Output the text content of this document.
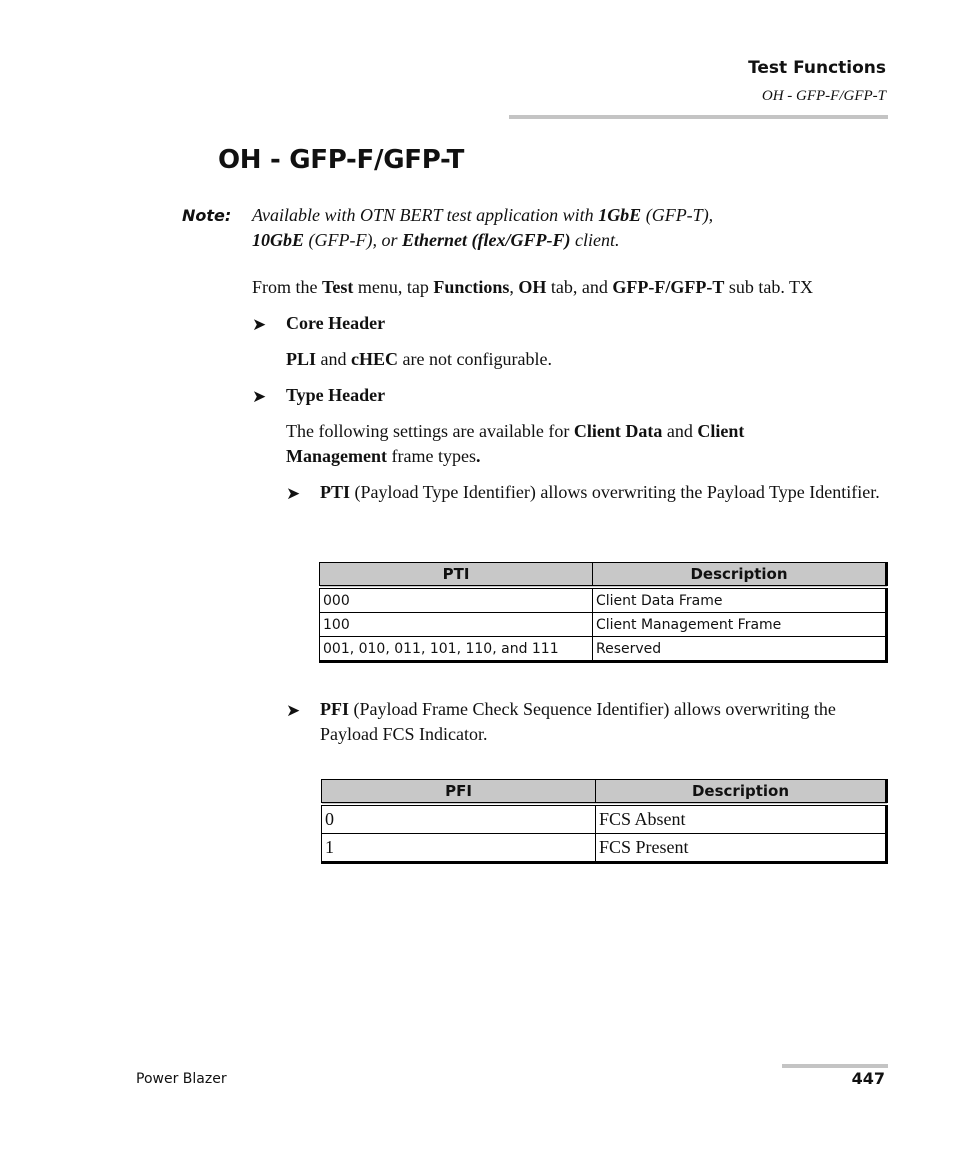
Test Functions
OH - GFP-F/GFP-T
OH - GFP-F/GFP-T
Note: Available with OTN BERT test application with 1GbE (GFP-T),
10GbE (GFP-F), or Ethernet (flex/GFP-F) client.
From the Test menu, tap Functions, OH tab, and GFP-F/GFP-T sub tab. TX
➤ Core Header
PLI and cHEC are not configurable.
➤ Type Header
The following settings are available for Client Data and Client Management frame types.
➤ PTI (Payload Type Identifier) allows overwriting the Payload Type Identifier.
PTI	Description
000	Client Data Frame
100	Client Management Frame
001, 010, 011, 101, 110, and 111	Reserved
➤ PFI (Payload Frame Check Sequence Identifier) allows overwriting the Payload FCS Indicator.
PFI	Description
0	FCS Absent
1	FCS Present
Power Blazer	447
